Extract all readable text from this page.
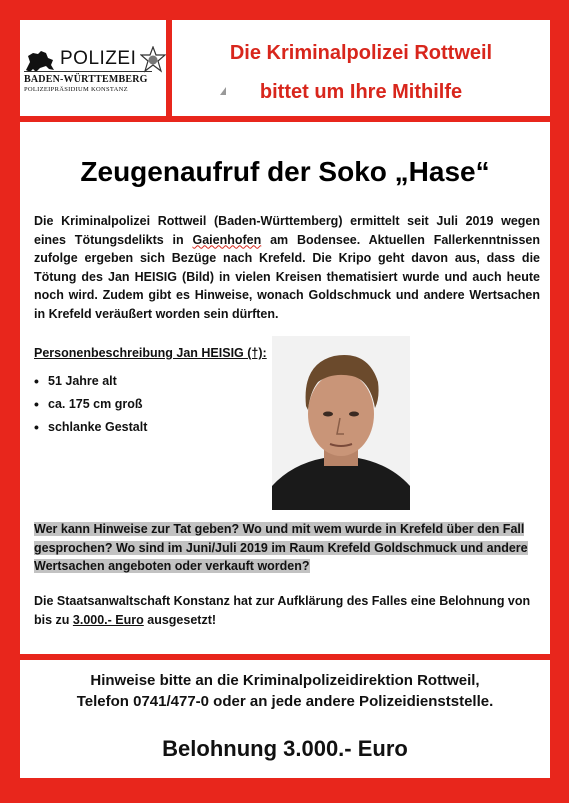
POLIZEI
BADEN-WÜRTTEMBERG
POLIZEIPRÄSIDIUM KONSTANZ
Die Kriminalpolizei Rottweil
bittet um Ihre Mithilfe
Zeugenaufruf der Soko „Hase“
Die Kriminalpolizei Rottweil (Baden-Württemberg) ermittelt seit Juli 2019 wegen eines Tötungsdelikts in Gaienhofen am Bodensee. Aktuellen Fallerkenntnissen zufolge ergeben sich Bezüge nach Krefeld. Die Kripo geht davon aus, dass die Tötung des Jan HEISIG (Bild) in vielen Kreisen thematisiert wurde und auch heute noch wird. Zudem gibt es Hinweise, wonach Goldschmuck und andere Wertsachen in Krefeld veräußert worden sein dürften.
Personenbeschreibung Jan HEISIG (†):
• 51 Jahre alt
• ca. 175 cm groß
• schlanke Gestalt
Wer kann Hinweise zur Tat geben? Wo und mit wem wurde in Krefeld über den Fall gesprochen? Wo sind im Juni/Juli 2019 im Raum Krefeld Goldschmuck und andere Wertsachen angeboten oder verkauft worden?
Die Staatsanwaltschaft Konstanz hat zur Aufklärung des Falles eine Belohnung von bis zu 3.000.- Euro ausgesetzt!
Hinweise bitte an die Kriminalpolizeidirektion Rottweil,
Telefon 0741/477-0 oder an jede andere Polizeidienststelle.
Belohnung 3.000.- Euro
